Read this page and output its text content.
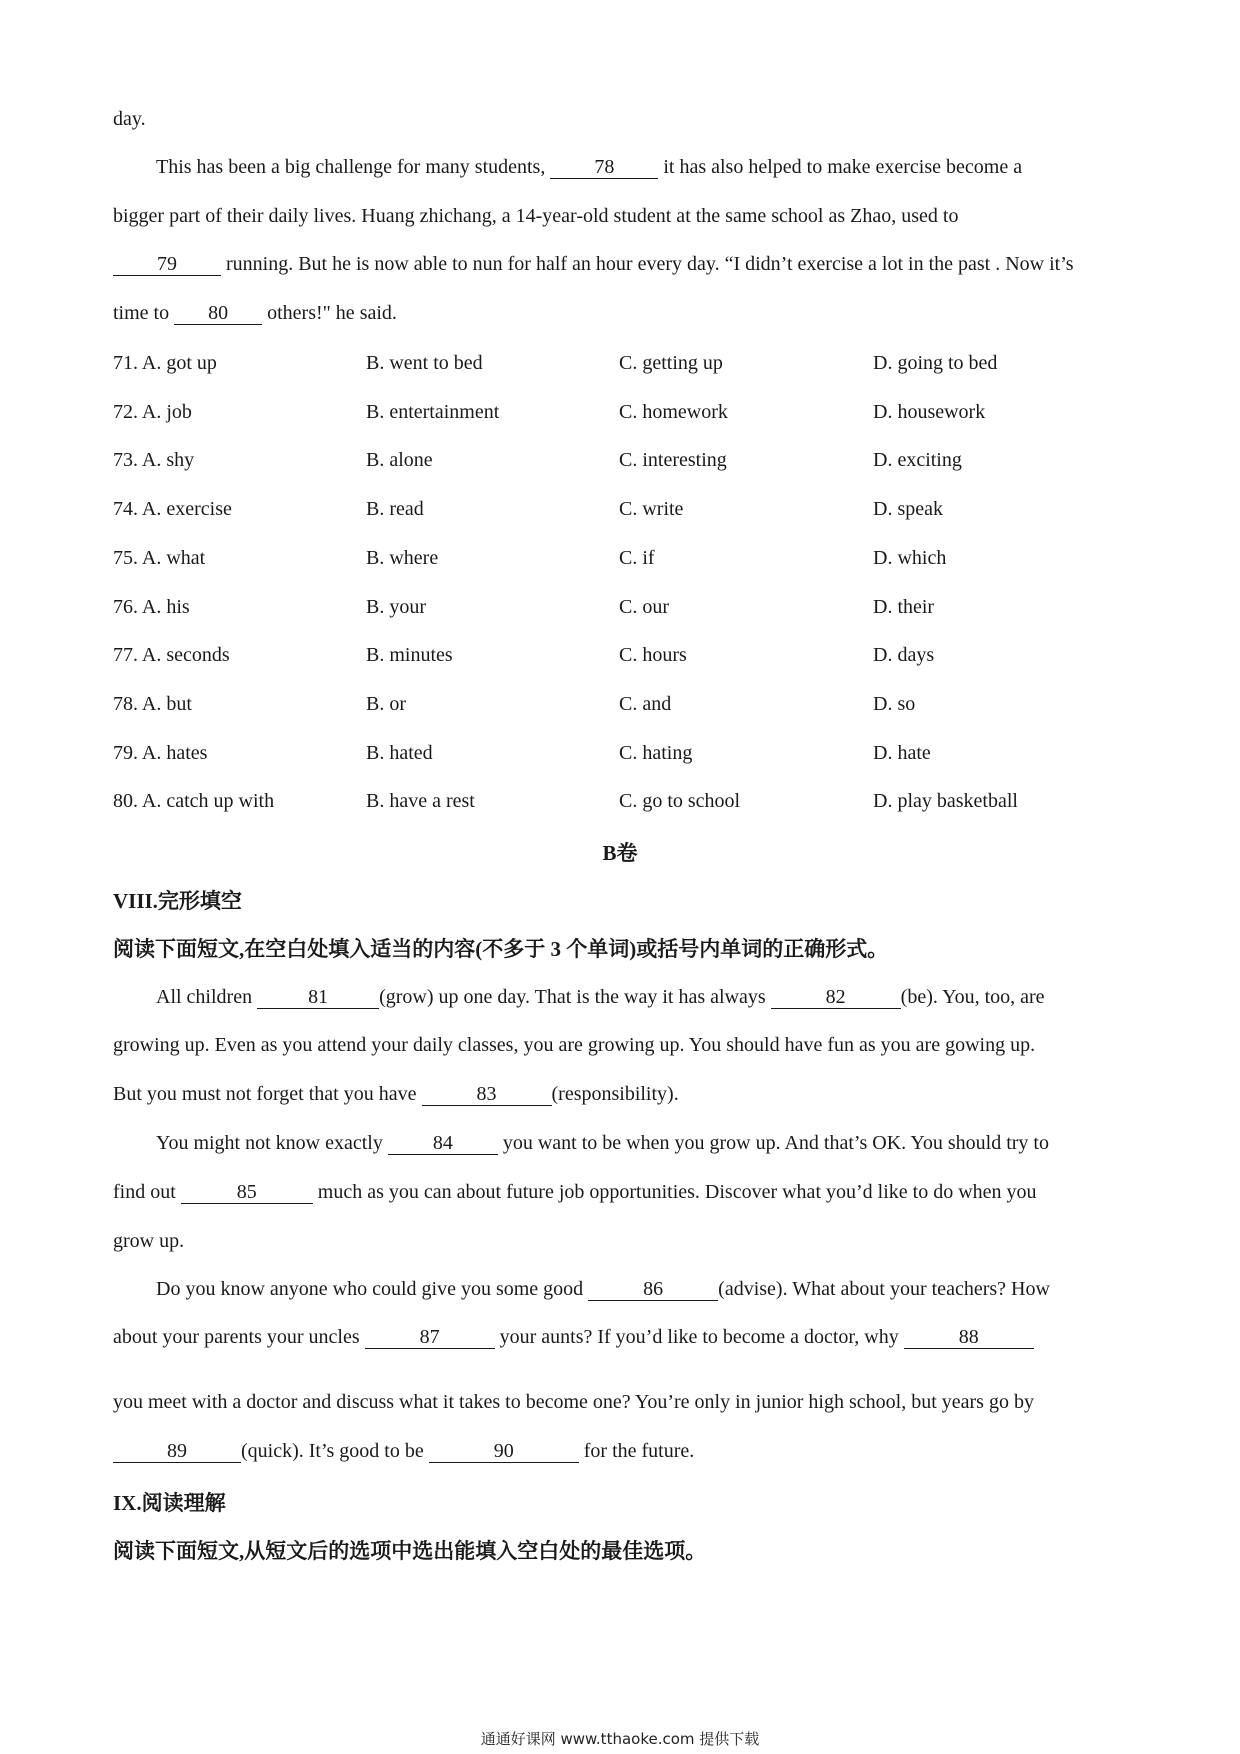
day.
This has been a big challenge for many students, 78 it has also helped to make exercise become a
bigger part of their daily lives. Huang zhichang, a 14-year-old student at the same school as Zhao, used to
79 running. But he is now able to nun for half an hour every day. “I didn’t exercise a lot in the past . Now it’s
time to 80 others!" he said.
71. A. got up	B. went to bed	C. getting up	D. going to bed
72. A. job	B. entertainment	C. homework	D. housework
73. A. shy	B. alone	C. interesting	D. exciting
74. A. exercise	B. read	C. write	D. speak
75. A. what	B. where	C. if	D. which
76. A. his	B. your	C. our	D. their
77. A. seconds	B. minutes	C. hours	D. days
78. A. but	B. or	C. and	D. so
79. A. hates	B. hated	C. hating	D. hate
80. A. catch up with	B. have a rest	C. go to school	D. play basketball
B卷
VIII.完形填空
阅读下面短文,在空白处填入适当的内容(不多于 3 个单词)或括号内单词的正确形式。
All children	81	(grow) up one day. That is the way it has always	82	(be). You, too, are
growing up. Even as you attend your daily classes, you are growing up. You should have fun as you are gowing up.
But you must not forget that you have	83	(responsibility).
You might not know exactly	84	you want to be when you grow up. And that’s OK. You should try to
find out	85	much as you can about future job opportunities. Discover what you’d like to do when you
grow up.
Do you know anyone who could give you some good	86	(advise). What about your teachers? How
about your parents your uncles	87	your aunts? If you’d like to become a doctor, why	88
you meet with a doctor and discuss what it takes to become one? You’re only in junior high school, but years go by
89	(quick). It’s good to be	90	for the future.
IX.阅读理解
阅读下面短文,从短文后的选项中选出能填入空白处的最佳选项。
通通好课网 www.tthaoke.com 提供下载
